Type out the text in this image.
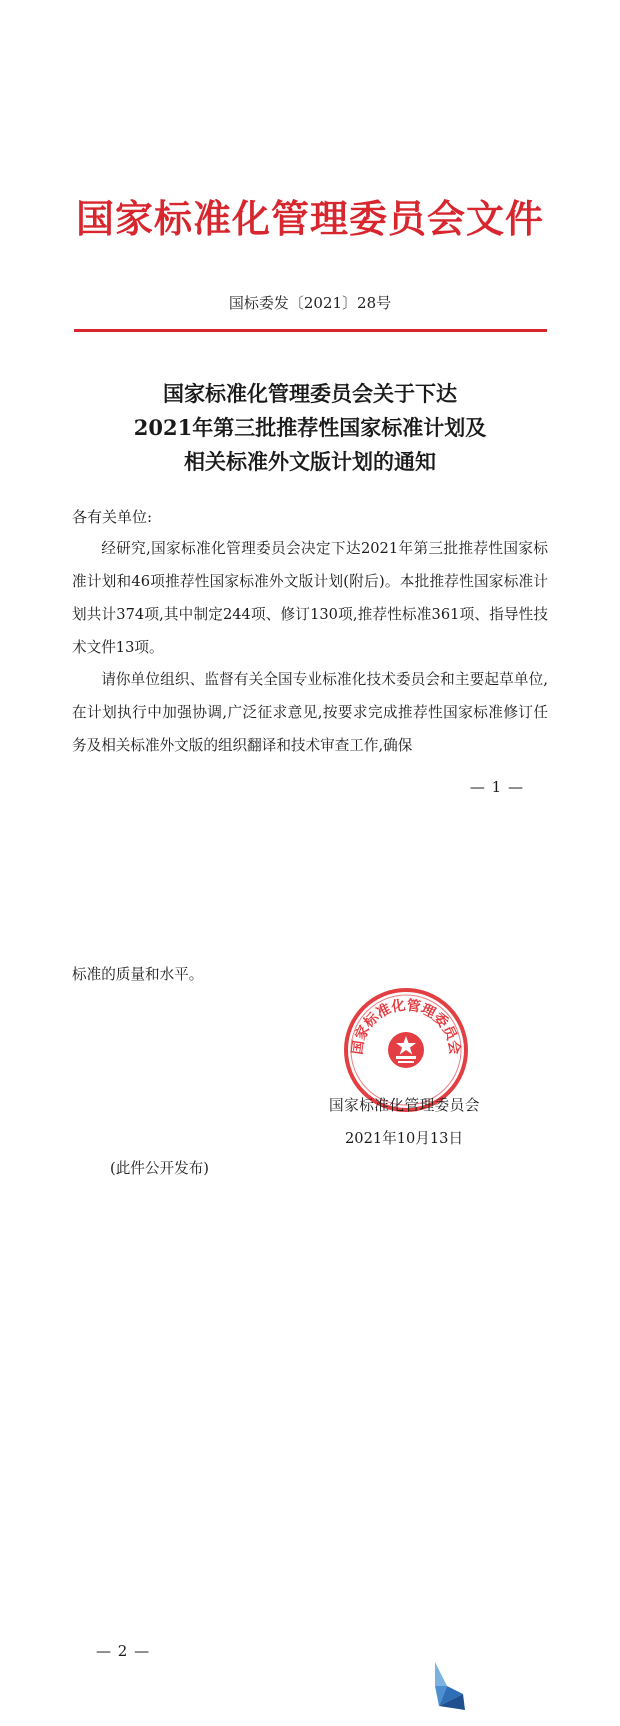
国家标准化管理委员会文件
国标委发〔2021〕28号
国家标准化管理委员会关于下达
2021年第三批推荐性国家标准计划及
相关标准外文版计划的通知
各有关单位:
经研究,国家标准化管理委员会决定下达2021年第三批推荐性国家标准计划和46项推荐性国家标准外文版计划(附后)。本批推荐性国家标准计划共计374项,其中制定244项、修订130项,推荐性标准361项、指导性技术文件13项。
请你单位组织、监督有关全国专业标准化技术委员会和主要起草单位,在计划执行中加强协调,广泛征求意见,按要求完成推荐性国家标准修订任务及相关标准外文版的组织翻译和技术审查工作,确保
— 1 —
标准的质量和水平。
国家标准化管理委员会
国家标准化管理委员会
2021年10月13日
(此件公开发布)
— 2 —
